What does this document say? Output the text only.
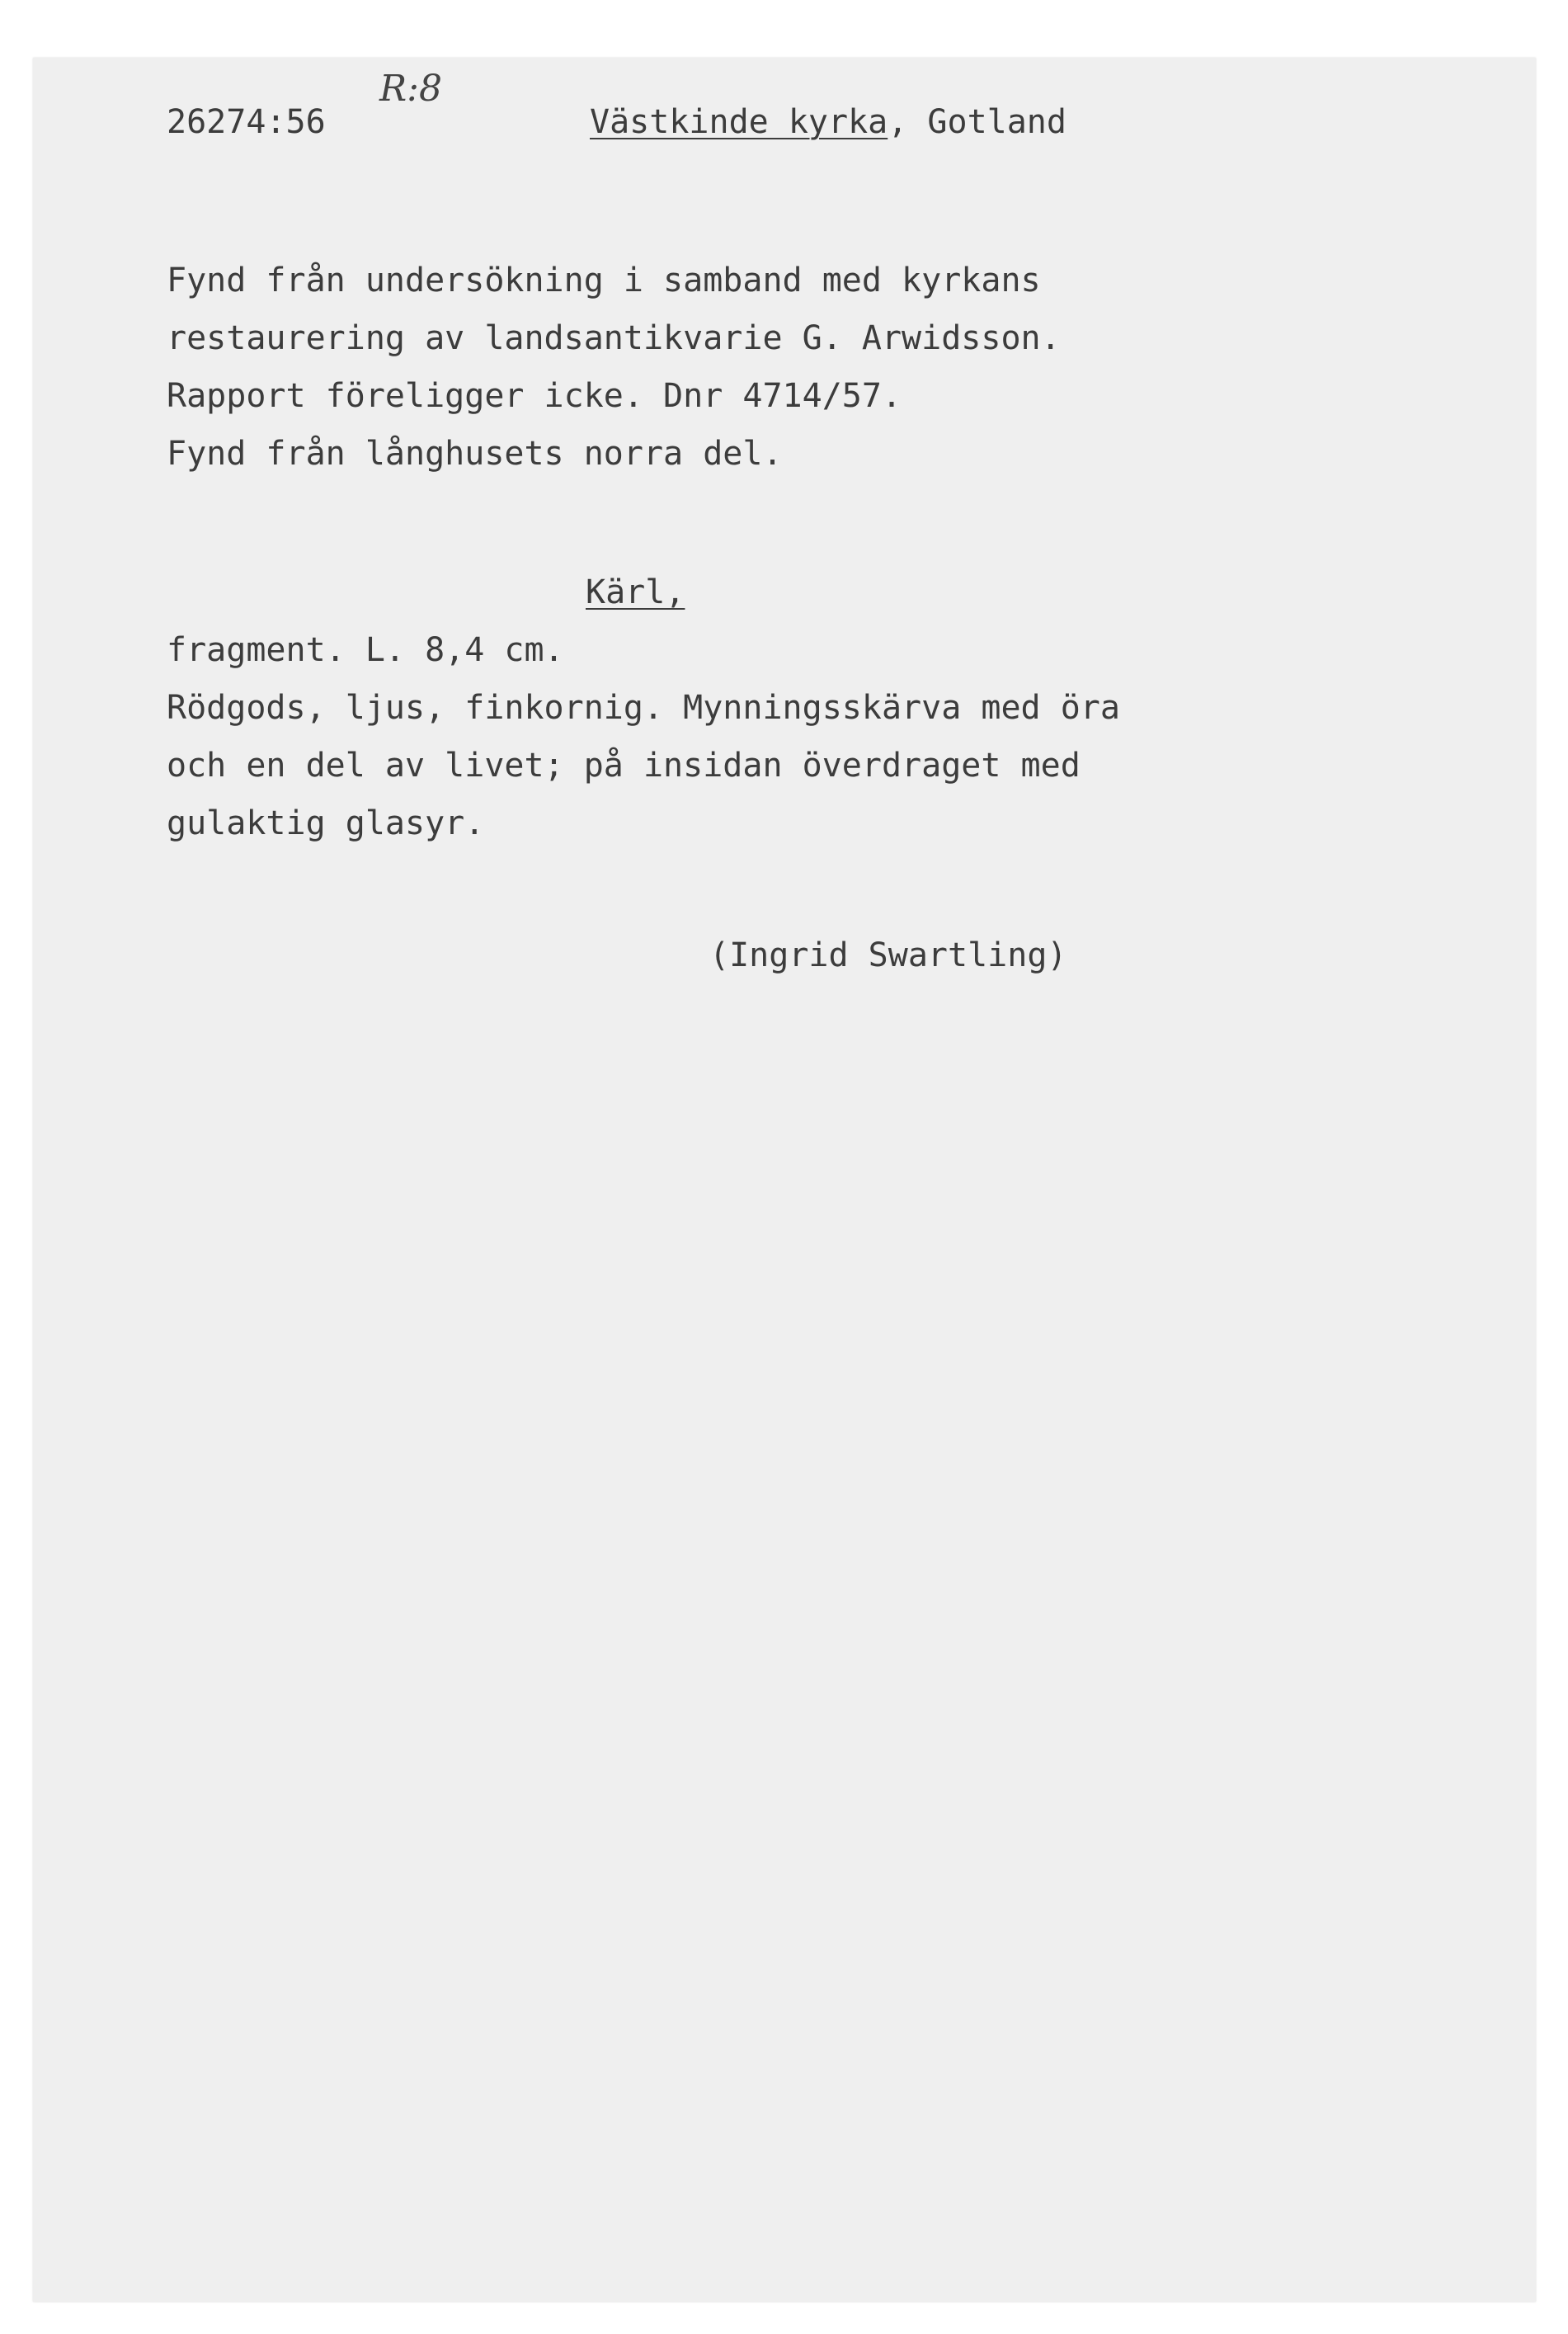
26274:56
R:8
Västkinde kyrka, Gotland
Fynd från undersökning i samband med kyrkans
restaurering av landsantikvarie G. Arwidsson.
Rapport föreligger icke. Dnr 4714/57.
Fynd från långhusets norra del.
Kärl,
fragment. L. 8,4 cm.
Rödgods, ljus, finkornig. Mynningsskärva med öra
och en del av livet; på insidan överdraget med
gulaktig glasyr.
(Ingrid Swartling)
